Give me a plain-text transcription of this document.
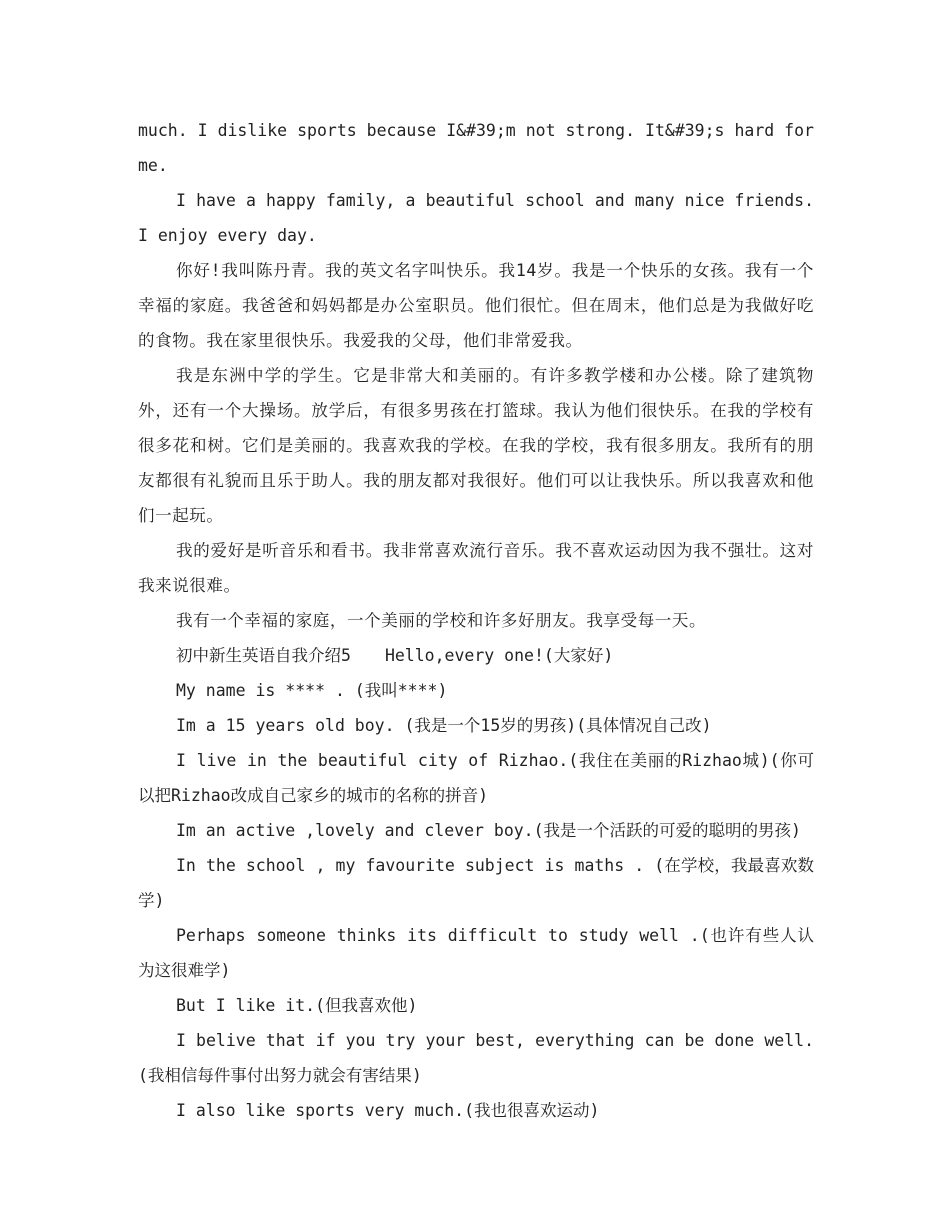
much. I dislike sports because I&#39;m not strong. It&#39;s hard for me.

I have a happy family, a beautiful school and many nice friends. I enjoy every day.

你好!我叫陈丹青。我的英文名字叫快乐。我14岁。我是一个快乐的女孩。我有一个幸福的家庭。我爸爸和妈妈都是办公室职员。他们很忙。但在周末，他们总是为我做好吃的食物。我在家里很快乐。我爱我的父母，他们非常爱我。

我是东洲中学的学生。它是非常大和美丽的。有许多教学楼和办公楼。除了建筑物外，还有一个大操场。放学后，有很多男孩在打篮球。我认为他们很快乐。在我的学校有很多花和树。它们是美丽的。我喜欢我的学校。在我的学校，我有很多朋友。我所有的朋友都很有礼貌而且乐于助人。我的朋友都对我很好。他们可以让我快乐。所以我喜欢和他们一起玩。

我的爱好是听音乐和看书。我非常喜欢流行音乐。我不喜欢运动因为我不强壮。这对我来说很难。

我有一个幸福的家庭，一个美丽的学校和许多好朋友。我享受每一天。

初中新生英语自我介绍5 Hello,every one!(大家好)

My name is **** . (我叫****)

Im a 15 years old boy. (我是一个15岁的男孩)(具体情况自己改)

I live in the beautiful city of Rizhao.(我住在美丽的Rizhao城)(你可以把Rizhao改成自己家乡的城市的名称的拼音)

Im an active ,lovely and clever boy.(我是一个活跃的可爱的聪明的男孩)

In the school , my favourite subject is maths . (在学校，我最喜欢数学)

Perhaps someone thinks its difficult to study well .(也许有些人认为这很难学)

But I like it.(但我喜欢他)

I belive that if you try your best, everything can be done well.(我相信每件事付出努力就会有害结果)

I also like sports very much.(我也很喜欢运动)
